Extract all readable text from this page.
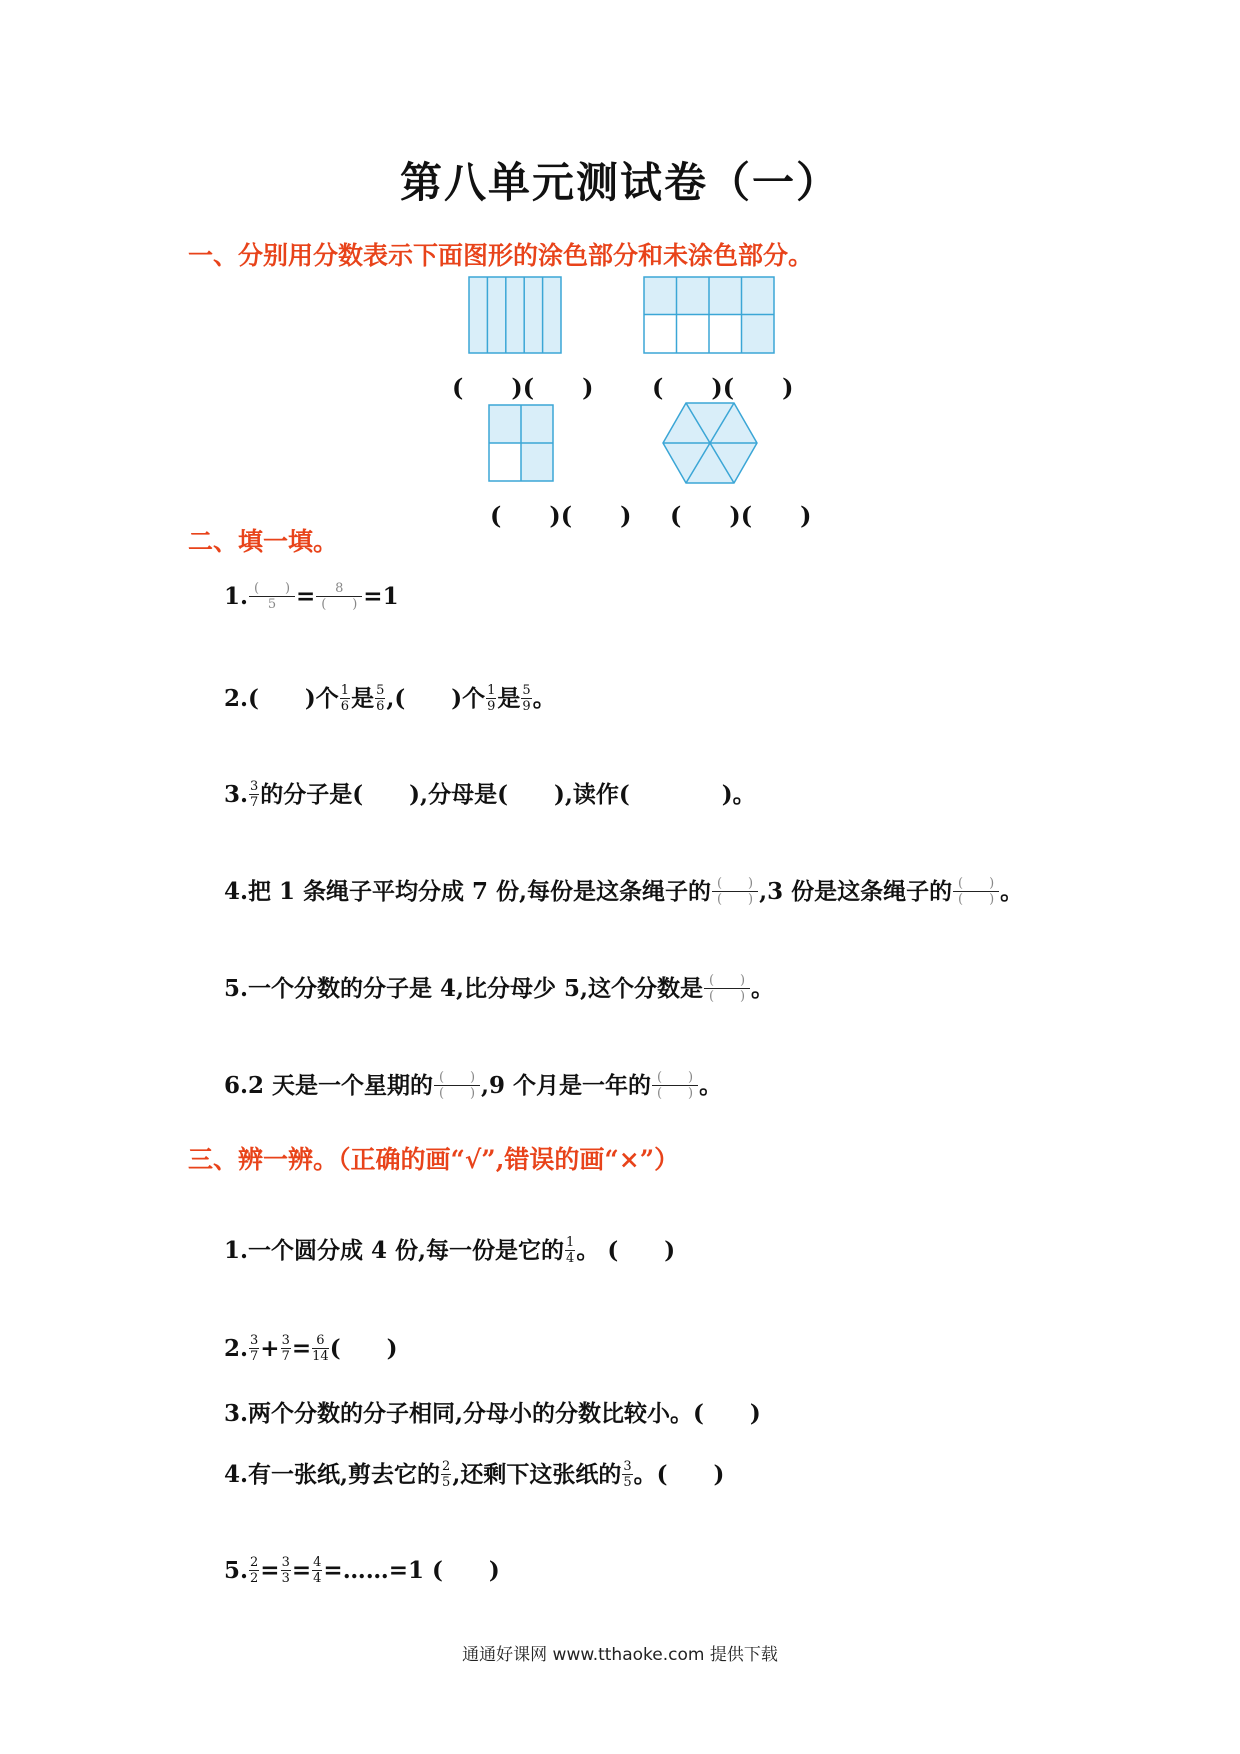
第八单元测试卷（一）
一、分别用分数表示下面图形的涂色部分和未涂色部分。
(　　)(　　) (　　)(　　)
(　　)(　　) (　　)(　　)
二、填一填。
1. (　　)
5 =	8
(　　) =1
2.(　　)个 $\frac{1}{6}$ 是 $\frac{5}{6}$ ,(　　)个 $\frac{1}{9}$ 是 $\frac{5}{9}$ 。
3. $\frac{3}{7}$ 的分子是(　　),分母是(　　),读作(　　　　)。
4.把 1 条绳子平均分成 7 份,每份是这条绳子的 (　　)
(　　) ,3 份是这条绳子的 (　　)
(　　) 。
5.一个分数的分子是 4,比分母少 5,这个分数是 (　　)
(　　) 。
6.2 天是一个星期的 (　　)
(　　) ,9 个月是一年的 (　　)
(　　) 。
三、辨一辨。（正确的画“√”,错误的画“×”）
1.一个圆分成 4 份,每一份是它的 $\frac{1}{4}$ 。 (　　)
2. $\frac{3}{7} + \frac{3}{7} = \frac{6}{14}$ (　　)
3.两个分数的分子相同,分母小的分数比较小。(　　)
4.有一张纸,剪去它的 $\frac{2}{5}$ ,还剩下这张纸的 $\frac{3}{5}$ 。(　　)
5. $\frac{2}{2} = \frac{3}{3} = \frac{4}{4}$ =……=1 (　　)
通通好课网 www.tthaoke.com 提供下载
